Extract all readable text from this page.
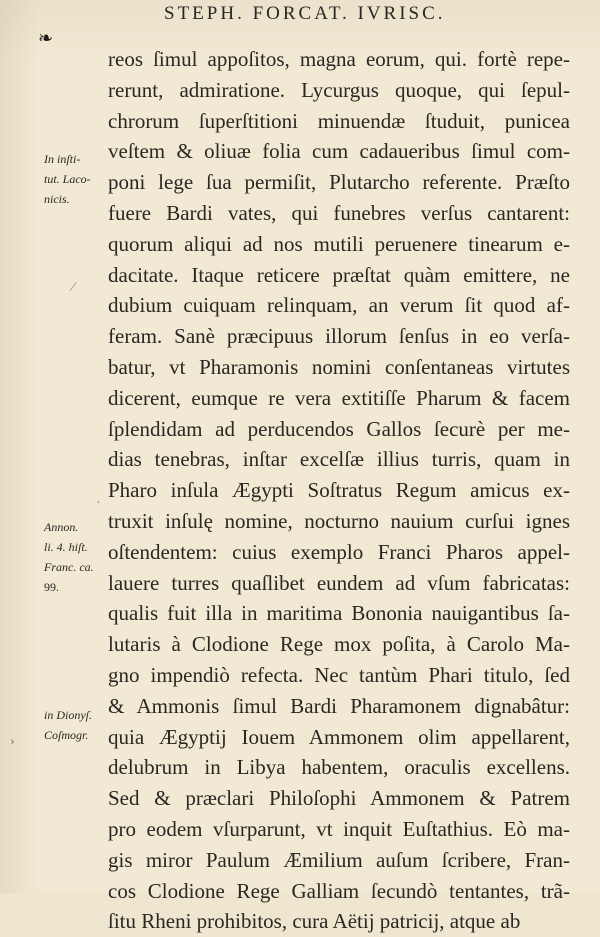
❧
STEPH. FORCAT. IVRISC.
reos ſimul appoſitos, magna eorum, qui. fortè repe-
rerunt, admiratione. Lycurgus quoque, qui ſepul-
chrorum ſuperſtitioni minuendæ ſtuduit, punicea
veſtem & oliuæ folia cum cadaueribus ſimul com-
poni lege ſua permiſit, Plutarcho referente. Præſto
fuere Bardi vates, qui funebres verſus cantarent:
quorum aliqui ad nos mutili peruenere tinearum e-
dacitate. Itaque reticere præſtat quàm emittere, ne
dubium cuiquam relinquam, an verum ſit quod af-
feram. Sanè præcipuus illorum ſenſus in eo verſa-
batur, vt Pharamonis nomini conſentaneas virtutes
dicerent, eumque re vera extitiſſe Pharum & facem
ſplendidam ad perducendos Gallos ſecurè per me-
dias tenebras, inſtar excelſæ illius turris, quam in
Pharo inſula Ægypti Soſtratus Regum amicus ex-
truxit inſulę nomine, nocturno nauium curſui ignes
oſtendentem: cuius exemplo Franci Pharos appel-
lauere turres quaſlibet eundem ad vſum fabricatas:
qualis fuit illa in maritima Bononia nauigantibus ſa-
lutaris à Clodione Rege mox poſita, à Carolo Ma-
gno impendiò refecta. Nec tantùm Phari titulo, ſed
& Ammonis ſimul Bardi Pharamonem dignabâtur:
quia Ægyptij Iouem Ammonem olim appellarent,
delubrum in Libya habentem, oraculis excellens.
Sed & præclari Philoſophi Ammonem & Patrem
pro eodem vſurparunt, vt inquit Euſtathius. Eò ma-
gis miror Paulum Æmilium auſum ſcribere, Fran-
cos Clodione Rege Galliam ſecundò tentantes, trã-
ſitu Rheni prohibitos, cura Aëtij patricij, atque ab
In inſti-
tut. Laco-
nicis.
Annon.
li. 4. hiſt.
Franc. ca.
99.
in Dionyſ.
Coſmogr.
⁄
·
›
